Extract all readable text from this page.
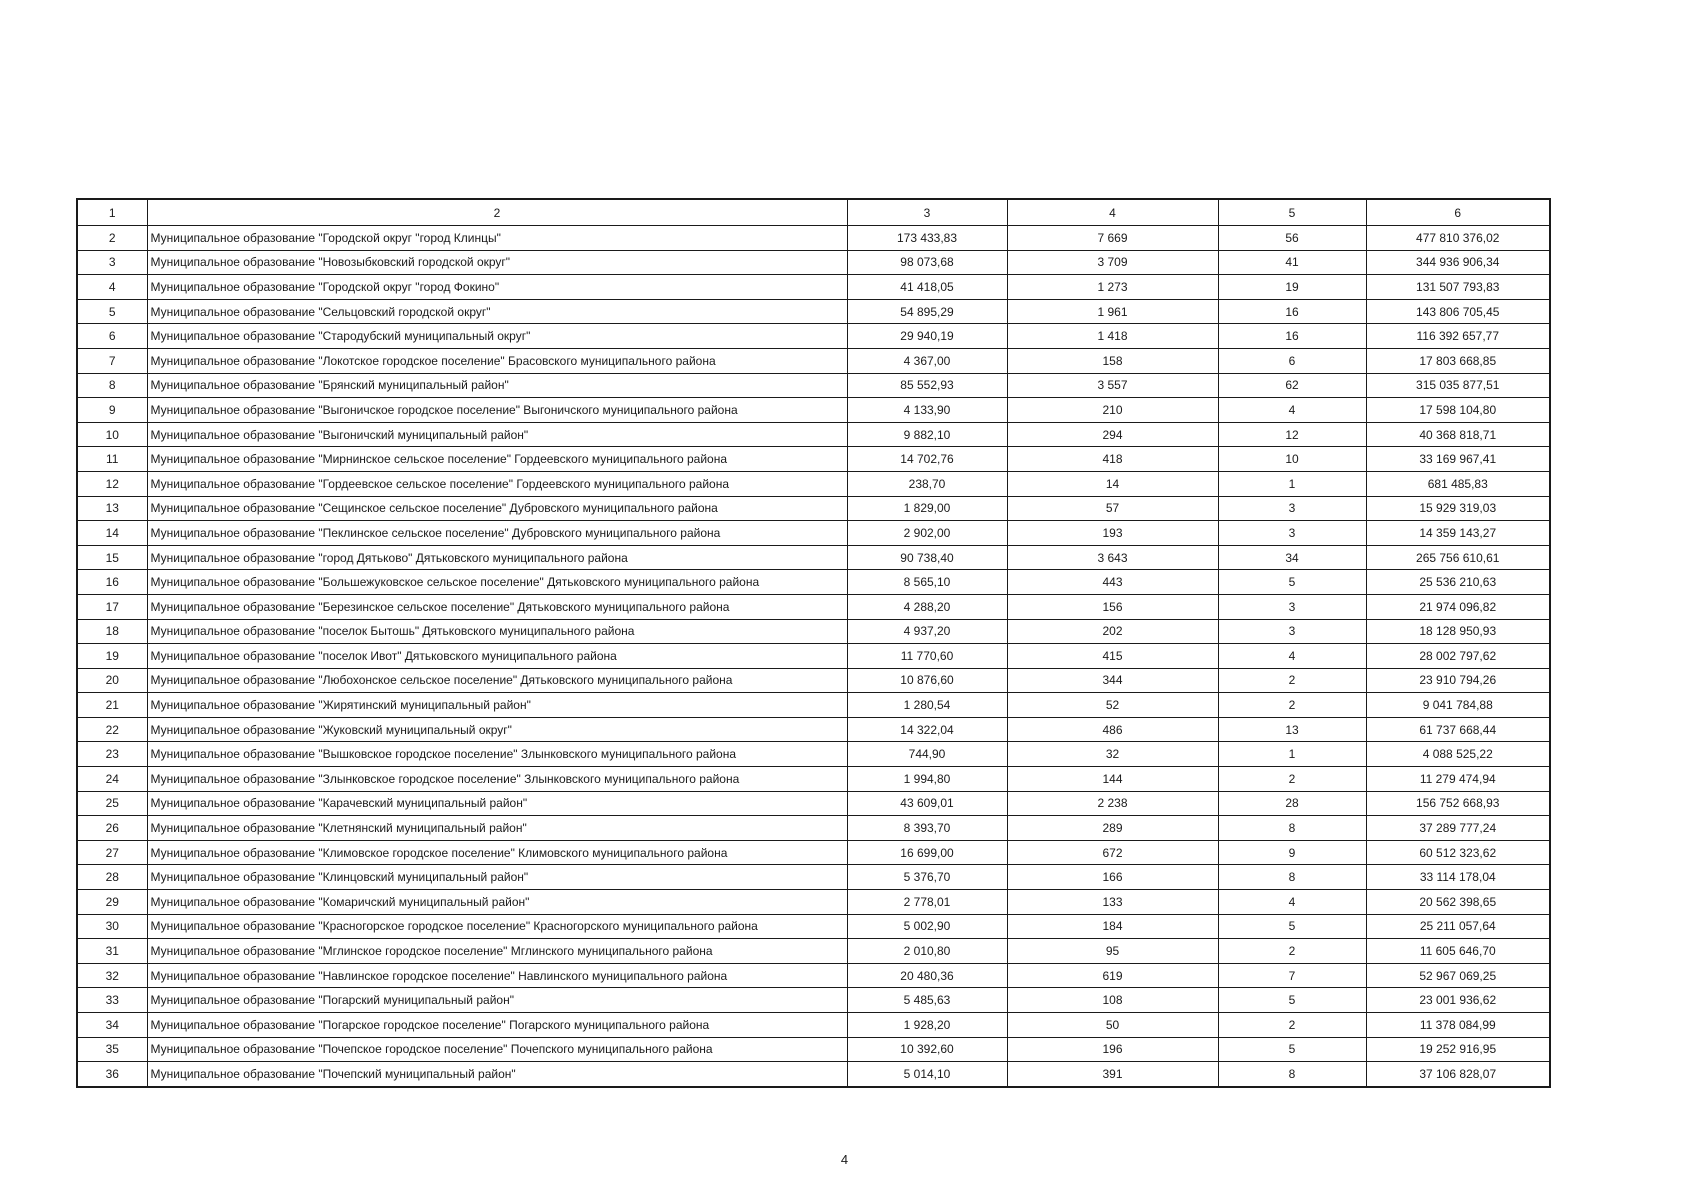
1	2	3	4	5	6
2	Муниципальное образование "Городской округ "город Клинцы"	173 433,83	7 669	56	477 810 376,02
3	Муниципальное образование "Новозыбковский городской округ"	98 073,68	3 709	41	344 936 906,34
4	Муниципальное образование "Городской округ "город Фокино"	41 418,05	1 273	19	131 507 793,83
5	Муниципальное образование "Сельцовский городской округ"	54 895,29	1 961	16	143 806 705,45
6	Муниципальное образование "Стародубский муниципальный округ"	29 940,19	1 418	16	116 392 657,77
7	Муниципальное образование "Локотское городское поселение" Брасовского муниципального района	4 367,00	158	6	17 803 668,85
8	Муниципальное образование "Брянский муниципальный район"	85 552,93	3 557	62	315 035 877,51
9	Муниципальное образование "Выгоничское городское поселение" Выгоничского муниципального района	4 133,90	210	4	17 598 104,80
10	Муниципальное образование "Выгоничский муниципальный район"	9 882,10	294	12	40 368 818,71
11	Муниципальное образование "Мирнинское сельское поселение" Гордеевского муниципального района	14 702,76	418	10	33 169 967,41
12	Муниципальное образование "Гордеевское сельское поселение" Гордеевского муниципального района	238,70	14	1	681 485,83
13	Муниципальное образование "Сещинское сельское поселение" Дубровского муниципального района	1 829,00	57	3	15 929 319,03
14	Муниципальное образование "Пеклинское сельское поселение" Дубровского муниципального района	2 902,00	193	3	14 359 143,27
15	Муниципальное образование "город Дятьково" Дятьковского муниципального района	90 738,40	3 643	34	265 756 610,61
16	Муниципальное образование "Большежуковское сельское поселение" Дятьковского муниципального района	8 565,10	443	5	25 536 210,63
17	Муниципальное образование "Березинское сельское поселение" Дятьковского муниципального района	4 288,20	156	3	21 974 096,82
18	Муниципальное образование "поселок Бытошь" Дятьковского муниципального района	4 937,20	202	3	18 128 950,93
19	Муниципальное образование "поселок Ивот" Дятьковского муниципального района	11 770,60	415	4	28 002 797,62
20	Муниципальное образование "Любохонское сельское поселение" Дятьковского муниципального района	10 876,60	344	2	23 910 794,26
21	Муниципальное образование "Жирятинский муниципальный район"	1 280,54	52	2	9 041 784,88
22	Муниципальное образование "Жуковский муниципальный округ"	14 322,04	486	13	61 737 668,44
23	Муниципальное образование "Вышковское городское поселение" Злынковского муниципального района	744,90	32	1	4 088 525,22
24	Муниципальное образование "Злынковское городское поселение" Злынковского муниципального района	1 994,80	144	2	11 279 474,94
25	Муниципальное образование "Карачевский муниципальный район"	43 609,01	2 238	28	156 752 668,93
26	Муниципальное образование "Клетнянский муниципальный район"	8 393,70	289	8	37 289 777,24
27	Муниципальное образование "Климовское городское поселение" Климовского муниципального района	16 699,00	672	9	60 512 323,62
28	Муниципальное образование "Клинцовский муниципальный район"	5 376,70	166	8	33 114 178,04
29	Муниципальное образование "Комаричский муниципальный район"	2 778,01	133	4	20 562 398,65
30	Муниципальное образование "Красногорское городское поселение" Красногорского муниципального района	5 002,90	184	5	25 211 057,64
31	Муниципальное образование "Мглинское городское поселение" Мглинского муниципального района	2 010,80	95	2	11 605 646,70
32	Муниципальное образование "Навлинское городское поселение" Навлинского муниципального района	20 480,36	619	7	52 967 069,25
33	Муниципальное образование "Погарский муниципальный район"	5 485,63	108	5	23 001 936,62
34	Муниципальное образование "Погарское городское поселение" Погарского муниципального района	1 928,20	50	2	11 378 084,99
35	Муниципальное образование "Почепское городское поселение" Почепского муниципального района	10 392,60	196	5	19 252 916,95
36	Муниципальное образование "Почепский муниципальный район"	5 014,10	391	8	37 106 828,07
4
